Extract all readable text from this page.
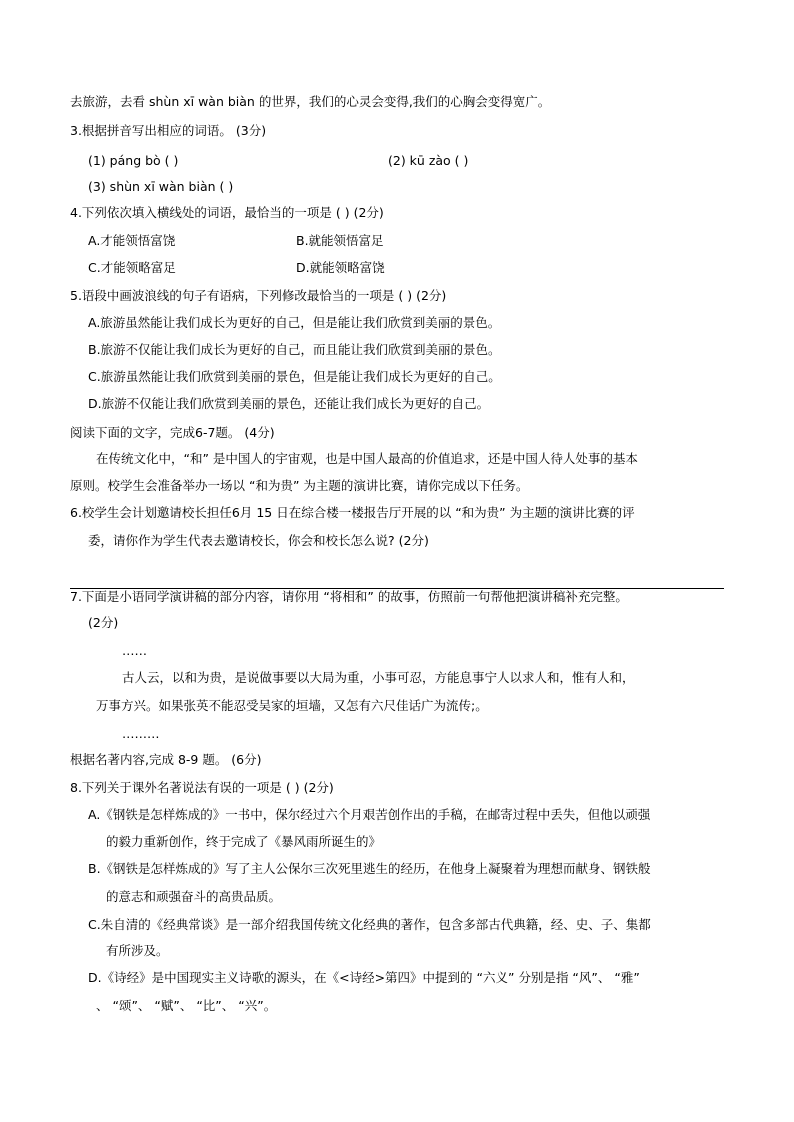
去旅游，去看 shùn xī wàn biàn 的世界，我们的心灵会变得,我们的心胸会变得宽广。
3.根据拼音写出相应的词语。 (3分)
(1) páng bò ( )	(2) kū zào ( )
(3) shùn xī wàn biàn ( )
4.下列依次填入横线处的词语，最恰当的一项是 ( ) (2分)
A.才能领悟富饶	B.就能领悟富足
C.才能领略富足	D.就能领略富饶
5.语段中画波浪线的句子有语病，下列修改最恰当的一项是 ( ) (2分)
A.旅游虽然能让我们成长为更好的自己，但是能让我们欣赏到美丽的景色。
B.旅游不仅能让我们成长为更好的自己，而且能让我们欣赏到美丽的景色。
C.旅游虽然能让我们欣赏到美丽的景色，但是能让我们成长为更好的自己。
D.旅游不仅能让我们欣赏到美丽的景色，还能让我们成长为更好的自己。
阅读下面的文字，完成6-7题。 (4分)
在传统文化中，“和” 是中国人的宇宙观，也是中国人最高的价值追求，还是中国人待人处事的基本
原则。校学生会准备举办一场以 “和为贵” 为主题的演讲比赛，请你完成以下任务。
6.校学生会计划邀请校长担任6月 15 日在综合楼一楼报告厅开展的以 “和为贵” 为主题的演讲比赛的评
委，请你作为学生代表去邀请校长，你会和校长怎么说? (2分)
7.下面是小语同学演讲稿的部分内容，请你用 “将相和” 的故事，仿照前一句帮他把演讲稿补充完整。
(2分)
……
古人云，以和为贵，是说做事要以大局为重，小事可忍，方能息事宁人以求人和，惟有人和，
万事方兴。如果张英不能忍受吴家的垣墙，又怎有六尺佳话广为流传;。
………
根据名著内容,完成 8-9 题。 (6分)
8.下列关于课外名著说法有误的一项是 ( ) (2分)
A.《钢铁是怎样炼成的》一书中，保尔经过六个月艰苦创作出的手稿，在邮寄过程中丢失，但他以顽强
的毅力重新创作，终于完成了《暴风雨所诞生的》
B.《钢铁是怎样炼成的》写了主人公保尔三次死里逃生的经历，在他身上凝聚着为理想而献身、钢铁般
的意志和顽强奋斗的高贵品质。
C.朱自清的《经典常谈》是一部介绍我国传统文化经典的著作，包含多部古代典籍，经、史、子、集都
有所涉及。
D.《诗经》是中国现实主义诗歌的源头，在《<诗经>第四》中提到的 “六义” 分别是指 “风”、 “雅”
、 “颂”、 “赋”、 “比”、 “兴”。
